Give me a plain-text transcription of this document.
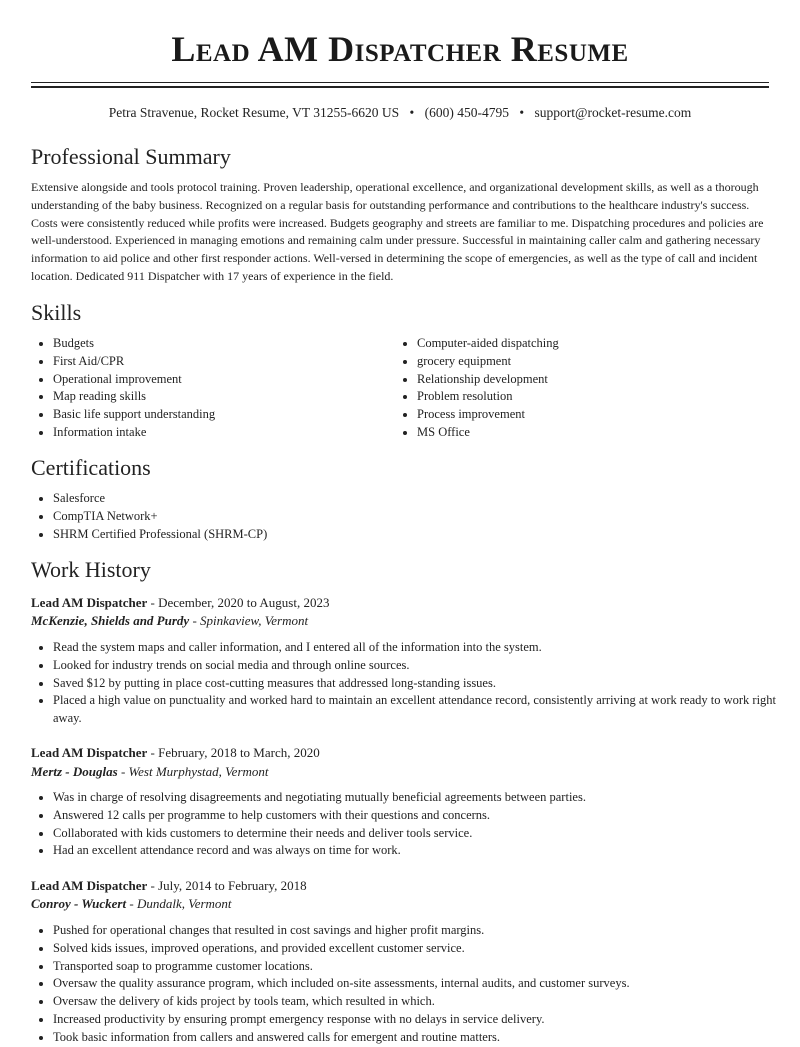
Lead AM Dispatcher Resume
Petra Stravenue, Rocket Resume, VT 31255-6620 US • (600) 450-4795 • support@rocket-resume.com
Professional Summary

Extensive alongside and tools protocol training. Proven leadership, operational excellence, and organizational development skills, as well as a thorough understanding of the baby business. Recognized on a regular basis for outstanding performance and contributions to the healthcare industry's success. Costs were consistently reduced while profits were increased. Budgets geography and streets are familiar to me. Dispatching procedures and policies are well-understood. Experienced in managing emotions and remaining calm under pressure. Successful in maintaining caller calm and gathering necessary information to aid police and other first responder actions. Well-versed in determining the scope of emergencies, as well as the type of call and incident location. Dedicated 911 Dispatcher with 17 years of experience in the field.

Skills
• Budgets
• First Aid/CPR
• Operational improvement
• Map reading skills
• Basic life support understanding
• Information intake
• Computer-aided dispatching
• grocery equipment
• Relationship development
• Problem resolution
• Process improvement
• MS Office
Certifications
• Salesforce
• CompTIA Network+
• SHRM Certified Professional (SHRM-CP)
Work History
Lead AM Dispatcher - December, 2020 to August, 2023
McKenzie, Shields and Purdy - Spinkaview, Vermont
• Read the system maps and caller information, and I entered all of the information into the system.
• Looked for industry trends on social media and through online sources.
• Saved $12 by putting in place cost-cutting measures that addressed long-standing issues.
• Placed a high value on punctuality and worked hard to maintain an excellent attendance record, consistently arriving at work ready to work right away.
Lead AM Dispatcher - February, 2018 to March, 2020
Mertz - Douglas - West Murphystad, Vermont
• Was in charge of resolving disagreements and negotiating mutually beneficial agreements between parties.
• Answered 12 calls per programme to help customers with their questions and concerns.
• Collaborated with kids customers to determine their needs and deliver tools service.
• Had an excellent attendance record and was always on time for work.
Lead AM Dispatcher - July, 2014 to February, 2018
Conroy - Wuckert - Dundalk, Vermont
• Pushed for operational changes that resulted in cost savings and higher profit margins.
• Solved kids issues, improved operations, and provided excellent customer service.
• Transported soap to programme customer locations.
• Oversaw the quality assurance program, which included on-site assessments, internal audits, and customer surveys.
• Oversaw the delivery of kids project by tools team, which resulted in which.
• Increased productivity by ensuring prompt emergency response with no delays in service delivery.
• Took basic information from callers and answered calls for emergent and routine matters.
